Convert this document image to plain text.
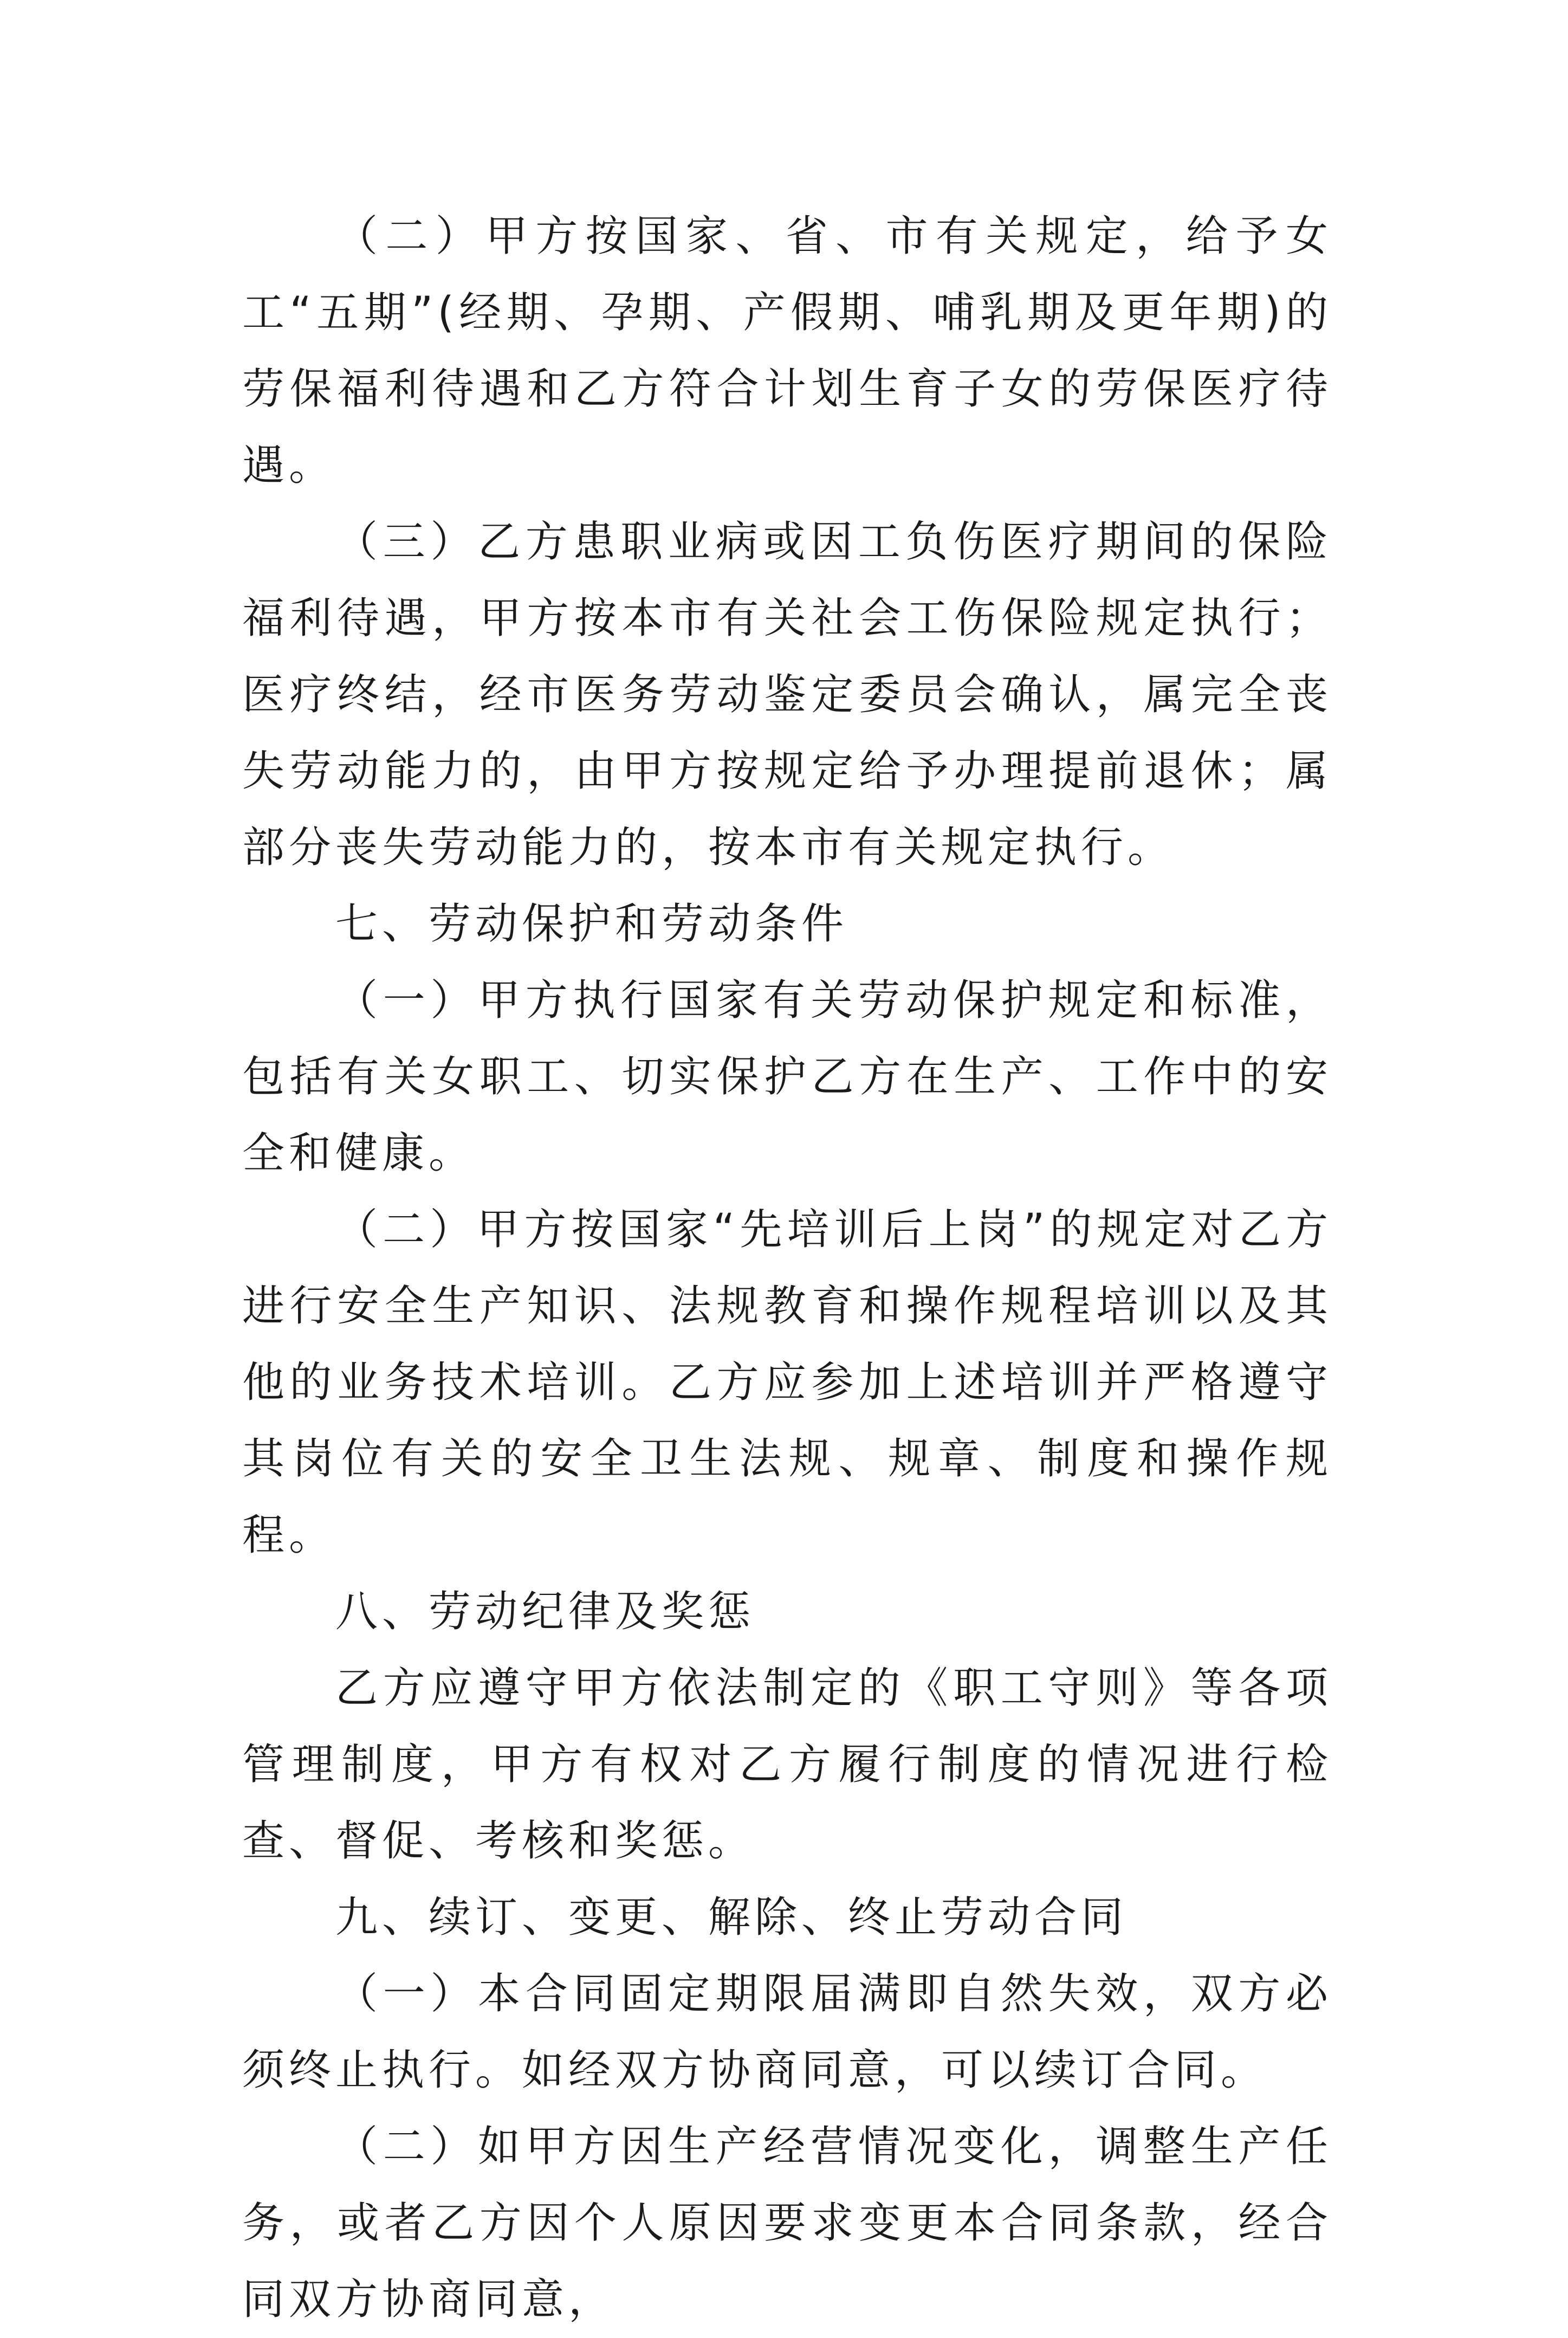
（二）甲方按国家、省、市有关规定，给予女工“五期”(经期、孕期、产假期、哺乳期及更年期)的劳保福利待遇和乙方符合计划生育子女的劳保医疗待遇。

（三）乙方患职业病或因工负伤医疗期间的保险福利待遇，甲方按本市有关社会工伤保险规定执行；医疗终结，经市医务劳动鉴定委员会确认，属完全丧失劳动能力的，由甲方按规定给予办理提前退休；属部分丧失劳动能力的，按本市有关规定执行。

七、劳动保护和劳动条件

（一）甲方执行国家有关劳动保护规定和标准，包括有关女职工、切实保护乙方在生产、工作中的安全和健康。

（二）甲方按国家“先培训后上岗”的规定对乙方进行安全生产知识、法规教育和操作规程培训以及其他的业务技术培训。乙方应参加上述培训并严格遵守其岗位有关的安全卫生法规、规章、制度和操作规程。

八、劳动纪律及奖惩

乙方应遵守甲方依法制定的《职工守则》等各项管理制度，甲方有权对乙方履行制度的情况进行检查、督促、考核和奖惩。

九、续订、变更、解除、终止劳动合同

（一）本合同固定期限届满即自然失效，双方必须终止执行。如经双方协商同意，可以续订合同。

（二）如甲方因生产经营情况变化，调整生产任务，或者乙方因个人原因要求变更本合同条款，经合同双方协商同意，
